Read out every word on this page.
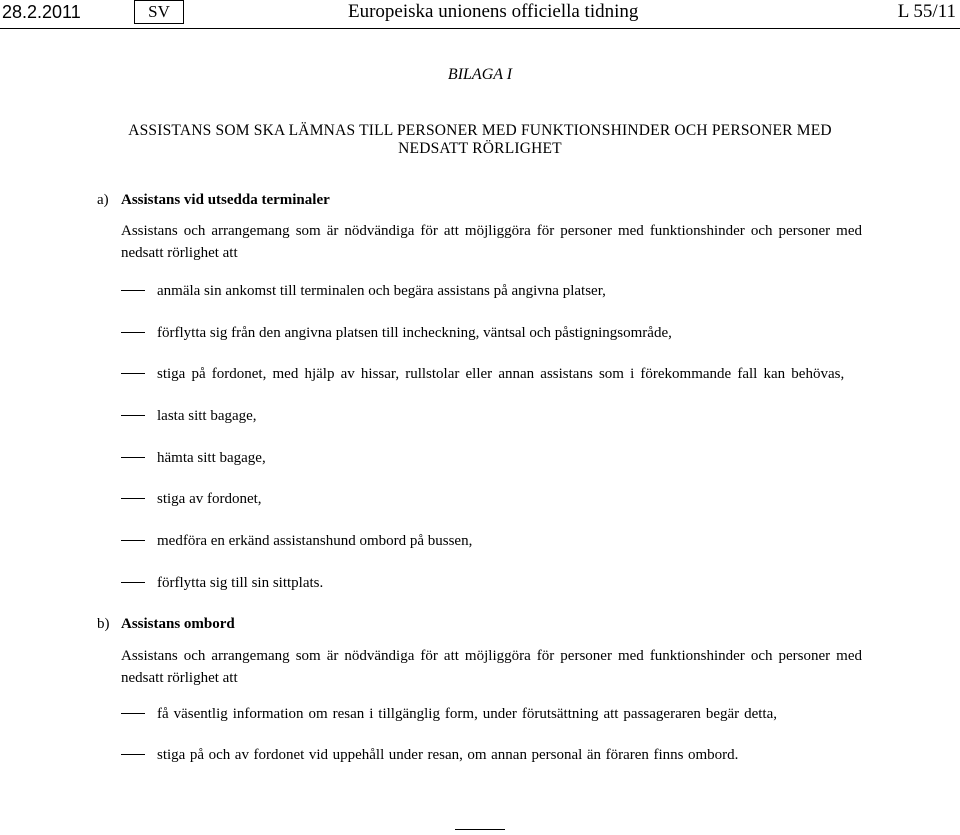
28.2.2011	SV	Europeiska unionens officiella tidning	L 55/11
BILAGA I
ASSISTANS SOM SKA LÄMNAS TILL PERSONER MED FUNKTIONSHINDER OCH PERSONER MED
NEDSATT RÖRLIGHET
a) Assistans vid utsedda terminaler
Assistans och arrangemang som är nödvändiga för att möjliggöra för personer med funktionshinder och personer med nedsatt rörlighet att
anmäla sin ankomst till terminalen och begära assistans på angivna platser,
förflytta sig från den angivna platsen till incheckning, väntsal och påstigningsområde,
stiga på fordonet, med hjälp av hissar, rullstolar eller annan assistans som i förekommande fall kan behövas,
lasta sitt bagage,
hämta sitt bagage,
stiga av fordonet,
medföra en erkänd assistanshund ombord på bussen,
förflytta sig till sin sittplats.
b) Assistans ombord
Assistans och arrangemang som är nödvändiga för att möjliggöra för personer med funktionshinder och personer med nedsatt rörlighet att
få väsentlig information om resan i tillgänglig form, under förutsättning att passageraren begär detta,
stiga på och av fordonet vid uppehåll under resan, om annan personal än föraren finns ombord.
